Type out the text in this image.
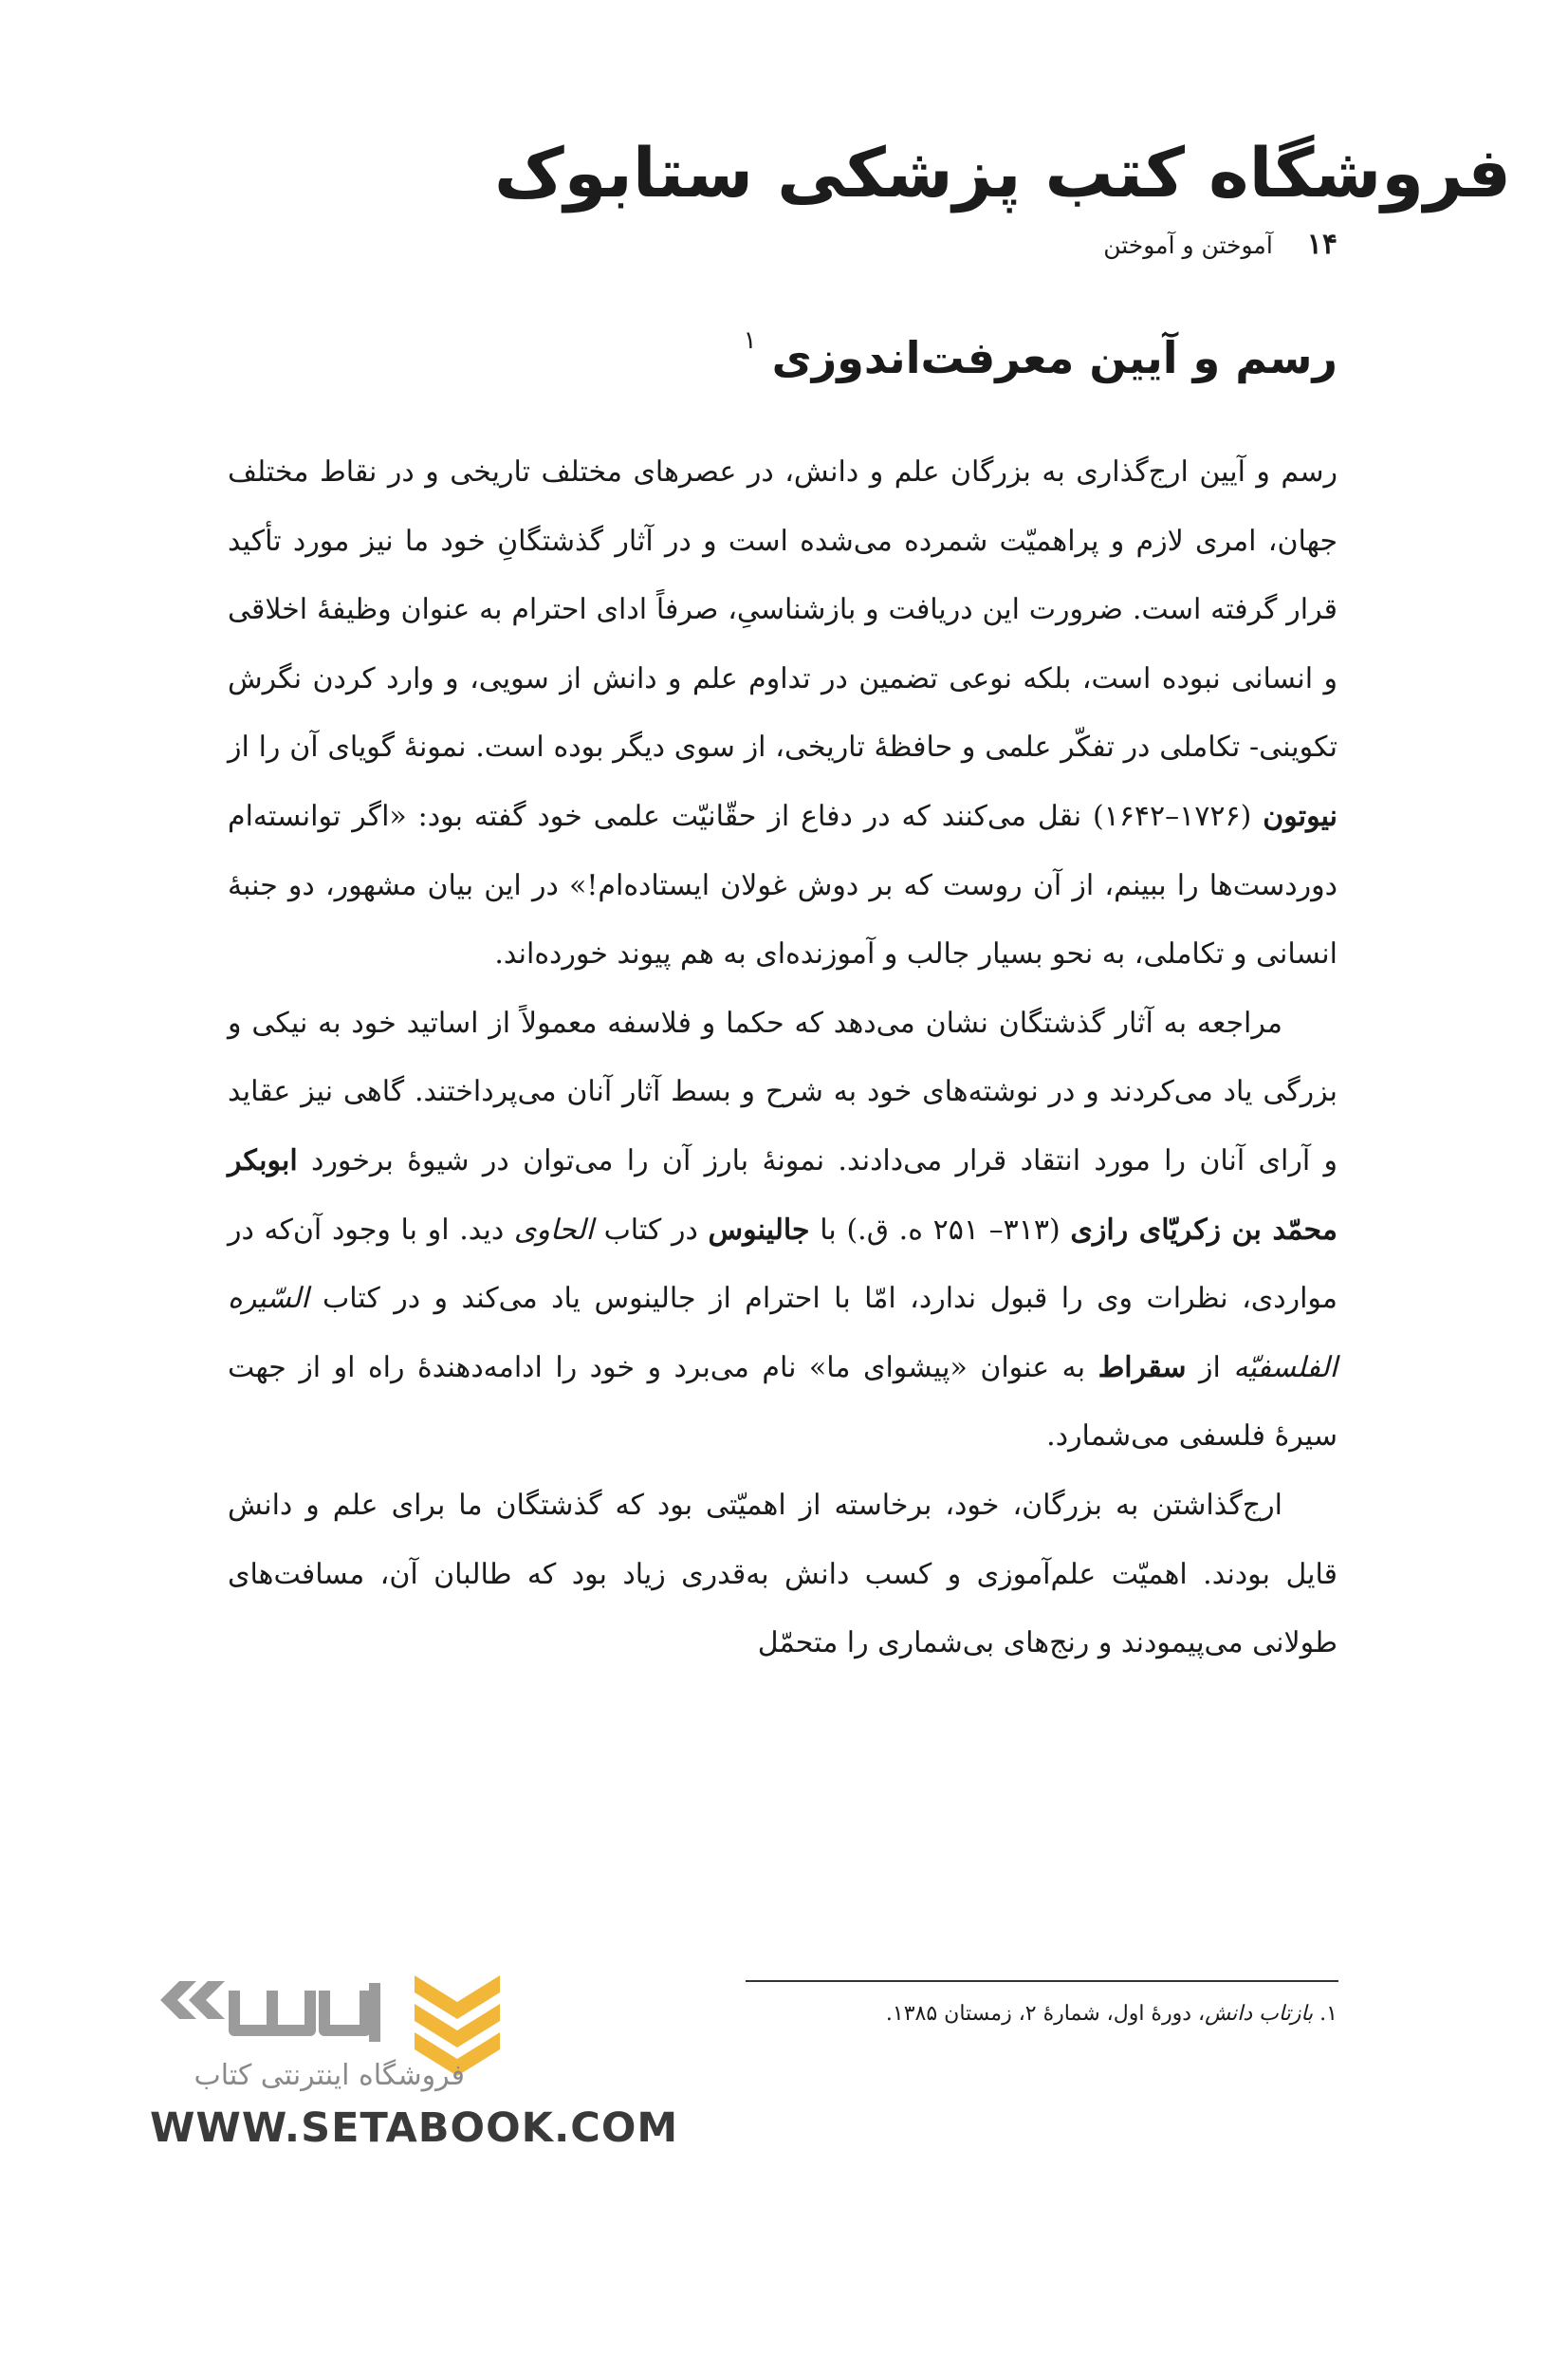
فروشگاه کتب پزشکی ستابوک
۱۴آموختن و آموختن
رسم و آیین معرفت‌اندوزی $^۱$

رسم و آیین ارج‌گذاری به بزرگان علم و دانش، در عصرهای مختلف تاریخی و در نقاط مختلف جهان، امری لازم و پراهمیّت شمرده می‌شده است و در آثار گذشتگانِ خود ما نیز مورد تأکید قرار گرفته است. ضرورت این دریافت و بازشناسیِ، صرفاً ادای احترام به عنوان وظیفهٔ اخلاقی و انسانی نبوده است، بلکه نوعی تضمین در تداوم علم و دانش از سویی، و وارد کردن نگرش تکوینی- تکاملی در تفکّر علمی و حافظهٔ تاریخی، از سوی دیگر بوده است. نمونهٔ گویای آن را از نیوتون (۱۷۲۶–۱۶۴۲) نقل می‌کنند که در دفاع از حقّانیّت علمی خود گفته بود: «اگر توانسته‌ام دوردست‌ها را ببینم، از آن روست که بر دوش غولان ایستاده‌ام!» در این بیان مشهور، دو جنبهٔ انسانی و تکاملی، به نحو بسیار جالب و آموزنده‌ای به هم پیوند خورده‌اند.

مراجعه به آثار گذشتگان نشان می‌دهد که حکما و فلاسفه معمولاً از اساتید خود به نیکی و بزرگی یاد می‌کردند و در نوشته‌های خود به شرح و بسط آثار آنان می‌پرداختند. گاهی نیز عقاید و آرای آنان را مورد انتقاد قرار می‌دادند. نمونهٔ بارز آن را می‌توان در شیوهٔ برخورد ابوبکر محمّد بن زکریّای رازی (۳۱۳– ۲۵۱ ه. ق.) با جالینوس در کتاب الحاوی دید. او با وجود آن‌که در مواردی، نظرات وی را قبول ندارد، امّا با احترام از جالینوس یاد می‌کند و در کتاب السّیره الفلسفیّه از سقراط به عنوان «پیشوای ما» نام می‌برد و خود را ادامه‌دهندهٔ راه او از جهت سیرهٔ فلسفی می‌شمارد.

ارج‌گذاشتن به بزرگان، خود، برخاسته از اهمیّتی بود که گذشتگان ما برای علم و دانش قایل بودند. اهمیّت علم‌آموزی و کسب دانش به‌قدری زیاد بود که طالبان آن، مسافت‌های طولانی می‌پیمودند و رنج‌های بی‌شماری را متحمّل

۱. بازتاب دانش، دورهٔ اول، شمارهٔ ۲، زمستان ۱۳۸۵.
فروشگاه اینترنتی کتاب
WWW.SETABOOK.COM
